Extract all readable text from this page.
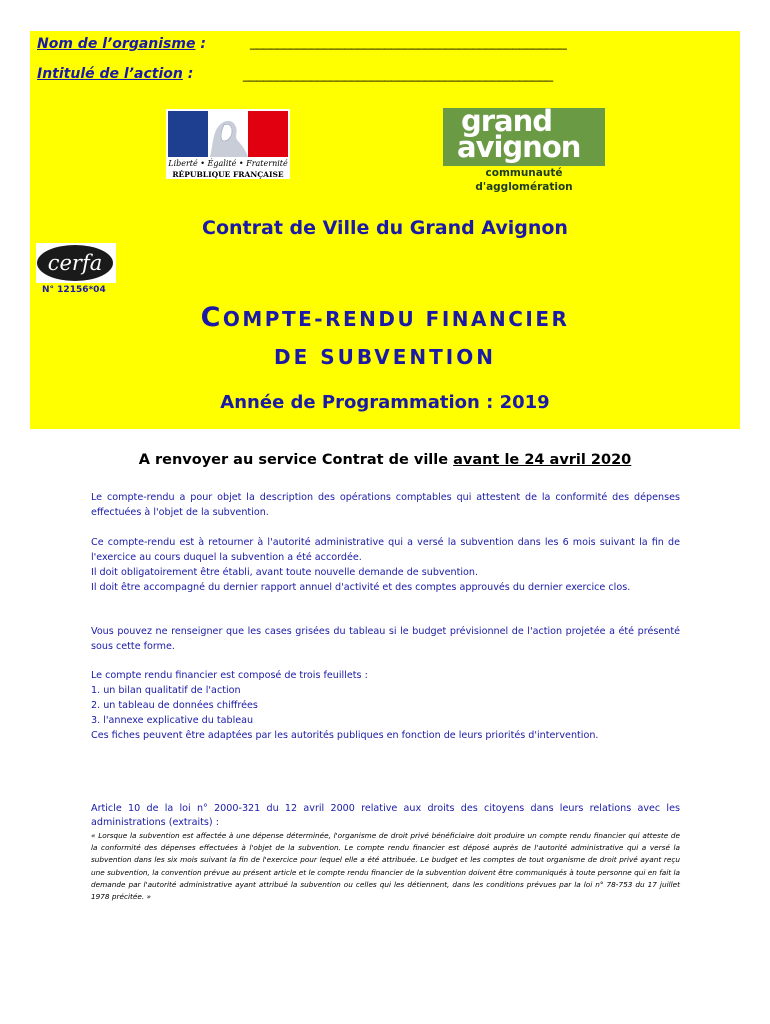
Nom de l’organisme :	_______________________________________________
Intitulé de l’action :	______________________________________________
Liberté • Égalité • Fraternité
RÉPUBLIQUE FRANÇAISE
grand
avignon
communauté d'agglomération
Contrat de Ville du Grand Avignon
cerfa
N° 12156*04
COMPTE-RENDU FINANCIER
DE SUBVENTION
Année de Programmation : 2019
A renvoyer au service Contrat de ville avant le 24 avril 2020

Le compte-rendu a pour objet la description des opérations comptables qui attestent de la conformité des dépenses effectuées à l'objet de la subvention.

Ce compte-rendu est à retourner à l'autorité administrative qui a versé la subvention dans les 6 mois suivant la fin de l'exercice au cours duquel la subvention a été accordée.

Il doit obligatoirement être établi, avant toute nouvelle demande de subvention.

Il doit être accompagné du dernier rapport annuel d'activité et des comptes approuvés du dernier exercice clos.

Vous pouvez ne renseigner que les cases grisées du tableau si le budget prévisionnel de l'action projetée a été présenté sous cette forme.

Le compte rendu financier est composé de trois feuillets :

1. un bilan qualitatif de l'action

2. un tableau de données chiffrées

3. l'annexe explicative du tableau

Ces fiches peuvent être adaptées par les autorités publiques en fonction de leurs priorités d'intervention.

Article 10 de la loi n° 2000-321 du 12 avril 2000 relative aux droits des citoyens dans leurs relations avec les administrations (extraits) :
« Lorsque la subvention est affectée à une dépense déterminée, l'organisme de droit privé bénéficiaire doit produire un compte rendu financier qui atteste de la conformité des dépenses effectuées à l'objet de la subvention. Le compte rendu financier est déposé auprès de l'autorité administrative qui a versé la subvention dans les six mois suivant la fin de l'exercice pour lequel elle a été attribuée. Le budget et les comptes de tout organisme de droit privé ayant reçu une subvention, la convention prévue au présent article et le compte rendu financier de la subvention doivent être communiqués à toute personne qui en fait la demande par l'autorité administrative ayant attribué la subvention ou celles qui les détiennent, dans les conditions prévues par la loi n° 78-753 du 17 juillet 1978 précitée. »
